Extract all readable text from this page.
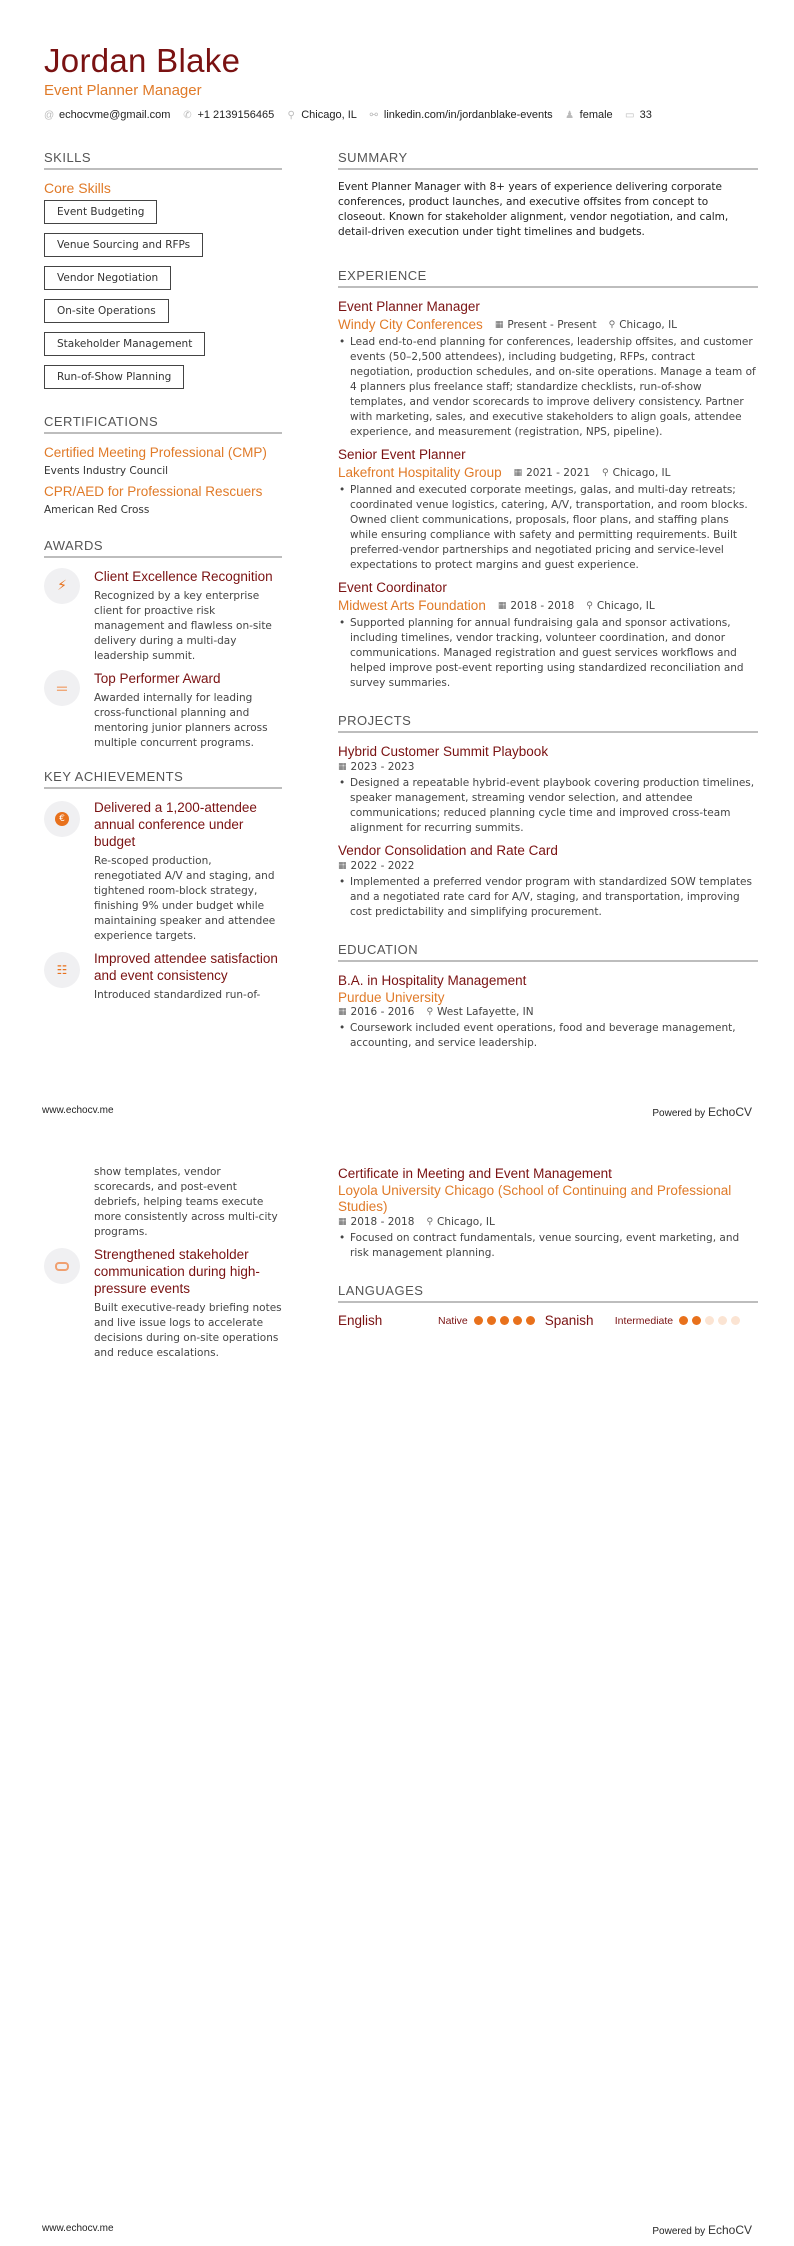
Jordan Blake
Event Planner Manager
@ echocvme@gmail.com ✆ +1 2139156465 ⚲ Chicago, IL ⚯ linkedin.com/in/jordanblake-events ♟ female ▭ 33
SKILLS
Core Skills
Event Budgeting
Venue Sourcing and RFPs
Vendor Negotiation
On-site Operations
Stakeholder Management
Run-of-Show Planning
CERTIFICATIONS
Certified Meeting Professional (CMP)
Events Industry Council
CPR/AED for Professional Rescuers
American Red Cross
AWARDS
⚡
Client Excellence Recognition
Recognized by a key enterprise client for proactive risk management and flawless on-site delivery during a multi-day leadership summit.
=	Top Performer Award
Awarded internally for leading cross-functional planning and mentoring junior planners across multiple concurrent programs.
KEY ACHIEVEMENTS
€
Delivered a 1,200-attendee annual conference under budget
Re-scoped production, renegotiated A/V and staging, and tightened room-block strategy, finishing 9% under budget while maintaining speaker and attendee experience targets.
☷
Improved attendee satisfaction and event consistency
Introduced standardized run-of-
SUMMARY
Event Planner Manager with 8+ years of experience delivering corporate conferences, product launches, and executive offsites from concept to closeout. Known for stakeholder alignment, vendor negotiation, and calm, detail-driven execution under tight timelines and budgets.
EXPERIENCE
Event Planner Manager
Windy City Conferences ▦ Present - Present ⚲ Chicago, IL
• Lead end-to-end planning for conferences, leadership offsites, and customer events (50–2,500 attendees), including budgeting, RFPs, contract negotiation, production schedules, and on-site operations. Manage a team of 4 planners plus freelance staff; standardize checklists, run-of-show templates, and vendor scorecards to improve delivery consistency. Partner with marketing, sales, and executive stakeholders to align goals, attendee experience, and measurement (registration, NPS, pipeline).
Senior Event Planner
Lakefront Hospitality Group ▦ 2021 - 2021 ⚲ Chicago, IL
• Planned and executed corporate meetings, galas, and multi-day retreats; coordinated venue logistics, catering, A/V, transportation, and room blocks. Owned client communications, proposals, floor plans, and staffing plans while ensuring compliance with safety and permitting requirements. Built preferred-vendor partnerships and negotiated pricing and service-level expectations to protect margins and guest experience.
Event Coordinator
Midwest Arts Foundation ▦ 2018 - 2018 ⚲ Chicago, IL
• Supported planning for annual fundraising gala and sponsor activations, including timelines, vendor tracking, volunteer coordination, and donor communications. Managed registration and guest services workflows and helped improve post-event reporting using standardized reconciliation and survey summaries.
PROJECTS
Hybrid Customer Summit Playbook
▦ 2023 - 2023
• Designed a repeatable hybrid-event playbook covering production timelines, speaker management, streaming vendor selection, and attendee communications; reduced planning cycle time and improved cross-team alignment for recurring summits.
Vendor Consolidation and Rate Card
▦ 2022 - 2022
• Implemented a preferred vendor program with standardized SOW templates and a negotiated rate card for A/V, staging, and transportation, improving cost predictability and simplifying procurement.
EDUCATION
B.A. in Hospitality Management
Purdue University
▦ 2016 - 2016 ⚲ West Lafayette, IN
• Coursework included event operations, food and beverage management, accounting, and service leadership.
www.echocv.me	Powered by EchoCV
show templates, vendor scorecards, and post-event debriefs, helping teams execute more consistently across multi-city programs.
Strengthened stakeholder communication during high-pressure events
Built executive-ready briefing notes and live issue logs to accelerate decisions during on-site operations and reduce escalations.
Certificate in Meeting and Event Management
Loyola University Chicago (School of Continuing and Professional Studies)
▦ 2018 - 2018 ⚲ Chicago, IL
• Focused on contract fundamentals, venue sourcing, event marketing, and risk management planning.
LANGUAGES
English	Native	Spanish	Intermediate
www.echocv.me	Powered by EchoCV
